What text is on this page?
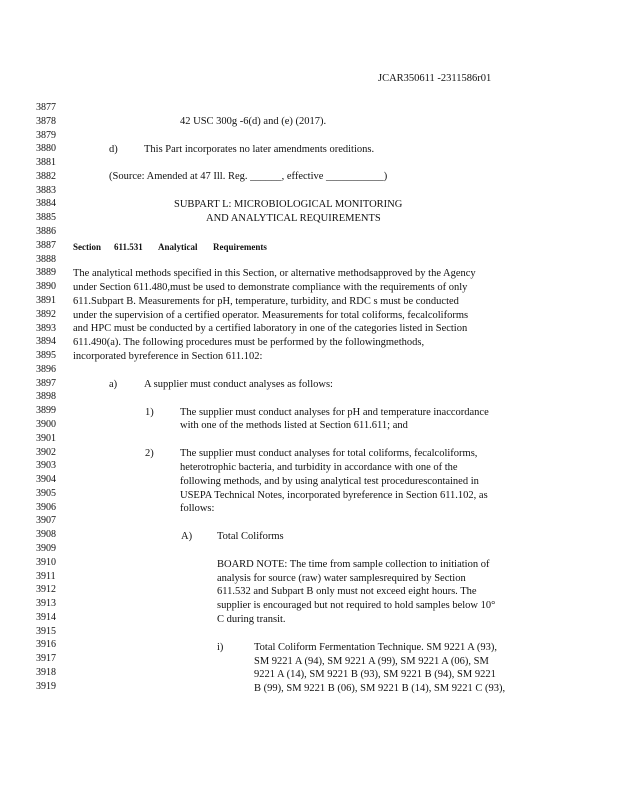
JCAR350611 -2311586r01
3877
3878
3879
3880
3881
3882
3883
3884
3885
3886
3887
3888
3889
3890
3891
3892
3893
3894
3895
3896
3897
3898
3899
3900
3901
3902
3903
3904
3905
3906
3907
3908
3909
3910
3911
3912
3913
3914
3915
3916
3917
3918
3919
42 USC 300g -6(d) and (e) (2017).
d)	This Part incorporates no later amendments oreditions.
(Source: Amended at 47 Ill. Reg. ______, effective ___________)
SUBPART L: MICROBIOLOGICAL MONITORING
AND ANALYTICAL REQUIREMENTS
Section 611.531 Analytical Requirements
The analytical methods specified in this Section, or alternative methodsapproved by the Agency
under Section 611.480,must be used to demonstrate compliance with the requirements of only
611.Subpart B. Measurements for pH, temperature, turbidity, and RDC s must be conducted
under the supervision of a certified operator. Measurements for total coliforms, fecalcoliforms
and HPC must be conducted by a certified laboratory in one of the categories listed in Section
611.490(a). The following procedures must be performed by the followingmethods,
incorporated byreference in Section 611.102:
a)	A supplier must conduct analyses as follows:
1)	The supplier must conduct analyses for pH and temperature inaccordance
with one of the methods listed at Section 611.611; and
2)	The supplier must conduct analyses for total coliforms, fecalcoliforms,
heterotrophic bacteria, and turbidity in accordance with one of the
following methods, and by using analytical test procedurescontained in
USEPA Technical Notes, incorporated byreference in Section 611.102, as
follows:
A) Total Coliforms
BOARD NOTE: The time from sample collection to initiation of
analysis for source (raw) water samplesrequired by Section
611.532 and Subpart B only must not exceed eight hours. The
supplier is encouraged but not required to hold samples below 10°
C during transit.
i)	Total Coliform Fermentation Technique. SM 9221 A (93),
SM 9221 A (94), SM 9221 A (99), SM 9221 A (06), SM
9221 A (14), SM 9221 B (93), SM 9221 B (94), SM 9221
B (99), SM 9221 B (06), SM 9221 B (14), SM 9221 C (93),
